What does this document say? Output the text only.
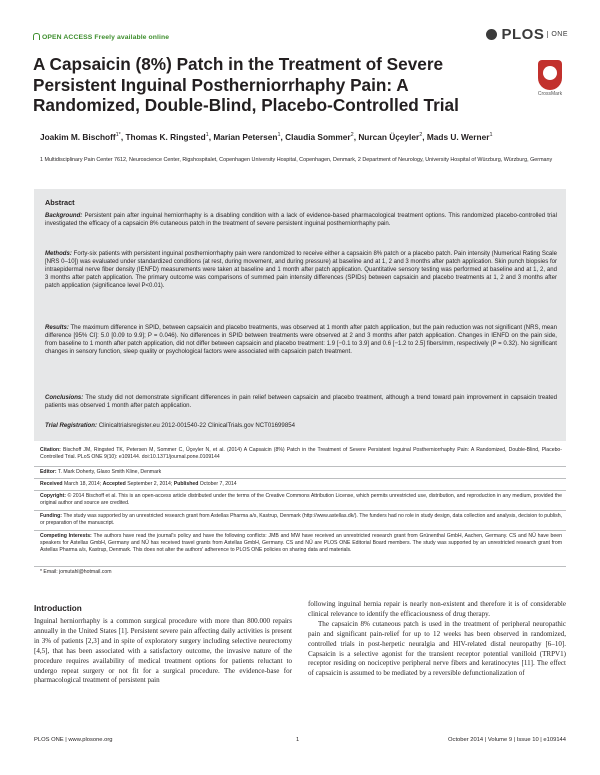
OPEN ACCESS Freely available online	PLOS	ONE
A Capsaicin (8%) Patch in the Treatment of Severe Persistent Inguinal Postherniorrhaphy Pain: A Randomized, Double-Blind, Placebo-Controlled Trial
CrossMark
Joakim M. Bischoff$^{1*}$, Thomas K. Ringsted$^1$, Marian Petersen$^1$, Claudia Sommer$^2$, Nurcan Üçeyler$^2$, Mads U. Werner$^1$
1 Multidisciplinary Pain Center 7612, Neuroscience Center, Rigshospitalet, Copenhagen University Hospital, Copenhagen, Denmark, 2 Department of Neurology, University Hospital of Würzburg, Würzburg, Germany
Abstract
Background: Persistent pain after inguinal herniorrhaphy is a disabling condition with a lack of evidence-based pharmacological treatment options. This randomized placebo-controlled trial investigated the efficacy of a capsaicin 8% cutaneous patch in the treatment of severe persistent inguinal postherniorrhaphy pain.
Methods: Forty-six patients with persistent inguinal postherniorrhaphy pain were randomized to receive either a capsaicin 8% patch or a placebo patch. Pain intensity (Numerical Rating Scale [NRS 0–10]) was evaluated under standardized conditions (at rest, during movement, and during pressure) at baseline and at 1, 2 and 3 months after patch application. Skin punch biopsies for intraepidermal nerve fiber density (IENFD) measurements were taken at baseline and 1 month after patch application. Quantitative sensory testing was performed at baseline and at 1, 2, and 3 months after patch application. The primary outcome was comparisons of summed pain intensity differences (SPIDs) between capsaicin and placebo treatments at 1, 2 and 3 months after patch application (significance level P<0.01).
Results: The maximum difference in SPID, between capsaicin and placebo treatments, was observed at 1 month after patch application, but the pain reduction was not significant (NRS, mean difference [95% CI]: 5.0 [0.09 to 9.9]; P = 0.046). No differences in SPID between treatments were observed at 2 and 3 months after patch application. Changes in IENFD on the pain side, from baseline to 1 month after patch application, did not differ between capsaicin and placebo treatment: 1.9 [−0.1 to 3.9] and 0.6 [−1.2 to 2.5] fibers/mm, respectively (P = 0.32). No significant changes in sensory function, sleep quality or psychological factors were associated with capsaicin patch treatment.
Conclusions: The study did not demonstrate significant differences in pain relief between capsaicin and placebo treatment, although a trend toward pain improvement in capsaicin treated patients was observed 1 month after patch application.
Trial Registration: Clinicaltrialsregister.eu 2012-001540-22 ClinicalTrials.gov NCT01699854
Citation: Bischoff JM, Ringsted TK, Petersen M, Sommer C, Üçeyler N, et al. (2014) A Capsaicin (8%) Patch in the Treatment of Severe Persistent Inguinal Postherniorrhaphy Pain: A Randomized, Double-Blind, Placebo-Controlled Trial. PLoS ONE 9(10): e109144. doi:10.1371/journal.pone.0109144
Editor: T. Mark Doherty, Glaxo Smith Kline, Denmark
Received March 18, 2014; Accepted September 2, 2014; Published October 7, 2014
Copyright: © 2014 Bischoff et al. This is an open-access article distributed under the terms of the Creative Commons Attribution License, which permits unrestricted use, distribution, and reproduction in any medium, provided the original author and source are credited.
Funding: The study was supported by an unrestricted research grant from Astellas Pharma a/s, Kastrup, Denmark (http://www.astellas.dk/). The funders had no role in study design, data collection and analysis, decision to publish, or preparation of the manuscript.
Competing Interests: The authors have read the journal's policy and have the following conflicts: JMB and MW have received an unrestricted research grant from Grünenthal GmbH, Aachen, Germany. CS and NÜ have been speakers for Astellas GmbH, Germany and NÜ has received travel grants from Astellas GmbH, Germany. CS and NÜ are PLOS ONE Editorial Board members. The study was supported by an unrestricted research grant from Astellas Pharma a/s, Kastrup, Denmark. This does not alter the authors' adherence to PLOS ONE policies on sharing data and materials.
* Email: jomutahl@hotmail.com
Introduction

Inguinal herniorrhaphy is a common surgical procedure with more than 800.000 repairs annually in the United States [1]. Persistent severe pain affecting daily activities is present in 3% of patients [2,3] and in spite of exploratory surgery including selective neurectomy [4,5], that has been associated with a satisfactory outcome, the invasive nature of the procedure requires availability of medical treatment options for patients reluctant to undergo repeat surgery or not fit for a surgical procedure. The evidence-base for pharmacological treatment of persistent pain

following inguinal hernia repair is nearly non-existent and therefore it is of considerable clinical relevance to identify the efficaciousness of drug therapy.

The capsaicin 8% cutaneous patch is used in the treatment of peripheral neuropathic pain and significant pain-relief for up to 12 weeks has been observed in randomized, controlled trials in post-herpetic neuralgia and HIV-related distal neuropathy [6–10]. Capsaicin is a selective agonist for the transient receptor potential vanilloid (TRPV1) receptor residing on nociceptive peripheral nerve fibers and keratinocytes [11]. The effect of capsaicin is assumed to be mediated by a reversible defunctionalization of

PLOS ONE | www.plosone.org	1	October 2014 | Volume 9 | Issue 10 | e109144
